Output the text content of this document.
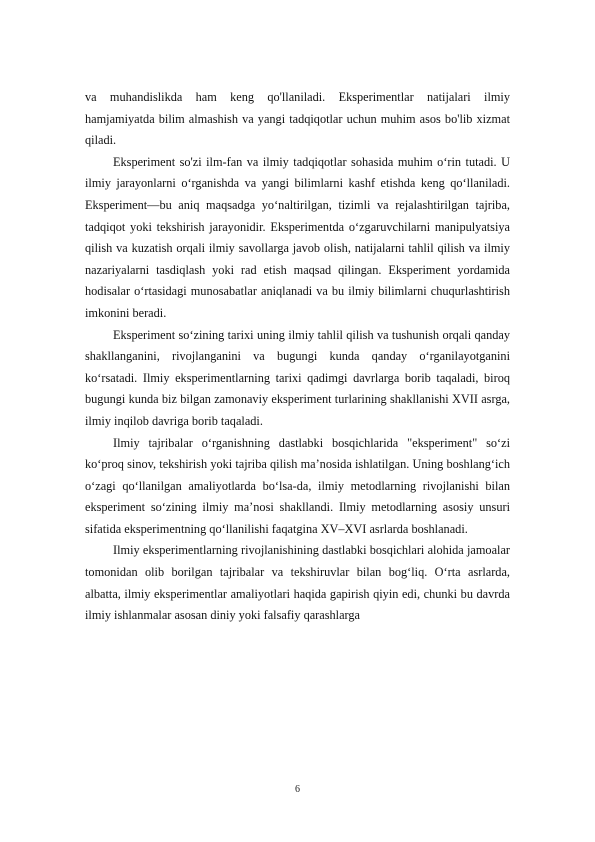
va muhandislikda ham keng qo'llaniladi. Eksperimentlar natijalari ilmiy hamjamiyatda bilim almashish va yangi tadqiqotlar uchun muhim asos bo'lib xizmat qiladi.

Eksperiment so'zi ilm-fan va ilmiy tadqiqotlar sohasida muhim o‘rin tutadi. U ilmiy jarayonlarni o‘rganishda va yangi bilimlarni kashf etishda keng qo‘llaniladi. Eksperiment—bu aniq maqsadga yo‘naltirilgan, tizimli va rejalashtirilgan tajriba, tadqiqot yoki tekshirish jarayonidir. Eksperimentda o‘zgaruvchilarni manipulyatsiya qilish va kuzatish orqali ilmiy savollarga javob olish, natijalarni tahlil qilish va ilmiy nazariyalarni tasdiqlash yoki rad etish maqsad qilingan. Eksperiment yordamida hodisalar o‘rtasidagi munosabatlar aniqlanadi va bu ilmiy bilimlarni chuqurlashtirish imkonini beradi.

Eksperiment so‘zining tarixi uning ilmiy tahlil qilish va tushunish orqali qanday shakllanganini, rivojlanganini va bugungi kunda qanday o‘rganilayotganini ko‘rsatadi. Ilmiy eksperimentlarning tarixi qadimgi davrlarga borib taqaladi, biroq bugungi kunda biz bilgan zamonaviy eksperiment turlarining shakllanishi XVII asrga, ilmiy inqilob davriga borib taqaladi.

Ilmiy tajribalar o‘rganishning dastlabki bosqichlarida "eksperiment" so‘zi ko‘proq sinov, tekshirish yoki tajriba qilish ma’nosida ishlatilgan. Uning boshlang‘ich o‘zagi qo‘llanilgan amaliyotlarda bo‘lsa-da, ilmiy metodlarning rivojlanishi bilan eksperiment so‘zining ilmiy ma’nosi shakllandi. Ilmiy metodlarning asosiy unsuri sifatida eksperimentning qo‘llanilishi faqatgina XV–XVI asrlarda boshlanadi.

Ilmiy eksperimentlarning rivojlanishining dastlabki bosqichlari alohida jamoalar tomonidan olib borilgan tajribalar va tekshiruvlar bilan bog‘liq. O‘rta asrlarda, albatta, ilmiy eksperimentlar amaliyotlari haqida gapirish qiyin edi, chunki bu davrda ilmiy ishlanmalar asosan diniy yoki falsafiy qarashlarga

6
